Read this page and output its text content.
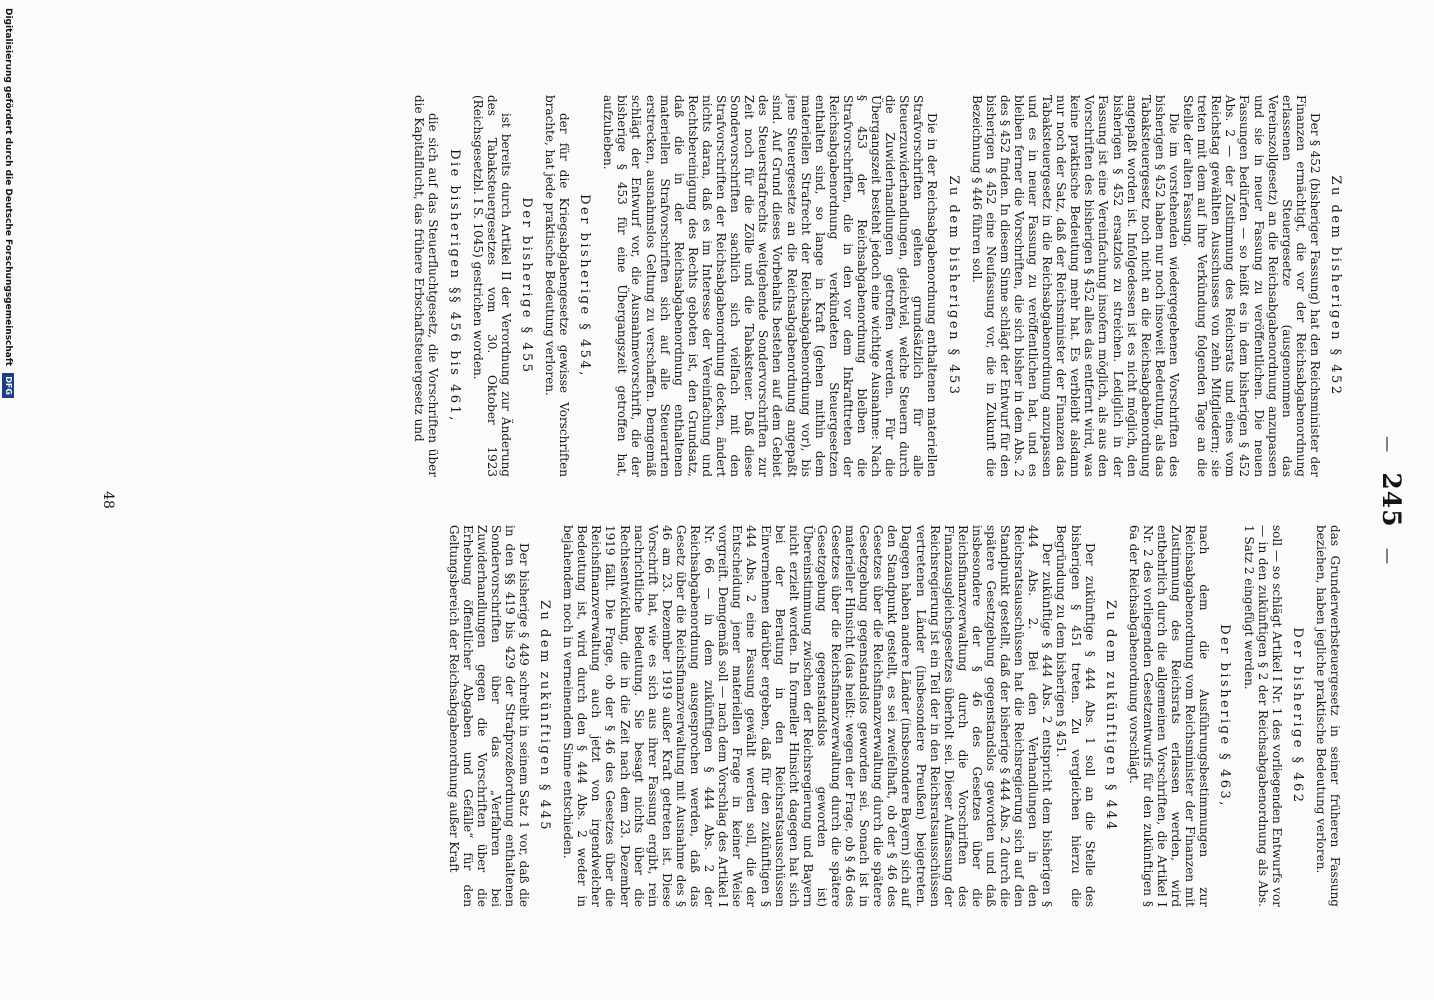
—    245    —
Zu dem bisherigen § 452

Der § 452 (bisheriger Fassung) hat den Reichsminister der Finanzen ermächtigt, die vor der Reichsabgabenordnung erlassenen Steuergesetze (ausgenommen das Vereinszollgesetz) an die Reichsabgabenordnung anzupassen und sie in neuer Fassung zu veröffentlichen. Die neuen Fassungen bedürfen — so heißt es in dem bisherigen § 452 Abs. 2 — der Zustimmung des Reichsrats und eines vom Reichstag gewählten Ausschusses von zehn Mitgliedern; sie treten mit dem auf ihre Verkündung folgenden Tage an die Stelle der alten Fassung.

Die im vorstehenden wiedergegebenen Vorschriften des bisherigen § 452 haben nur noch insoweit Bedeutung, als das Tabaksteuergesetz noch nicht an die Reichsabgabenordnung angepaßt worden ist. Infolgedessen ist es nicht möglich, den bisherigen § 452 ersatzlos zu streichen. Lediglich in der Fassung ist eine Vereinfachung insofern möglich, als aus den Vorschriften des bisherigen § 452 alles das entfernt wird, was keine praktische Bedeutung mehr hat. Es verbleibt alsdann nur noch der Satz, daß der Reichsminister der Finanzen das Tabaksteuergesetz in die Reichsabgabenordnung anzupassen und es in neuer Fassung zu veröffentlichen hat, und es bleiben ferner die Vorschriften, die sich bisher in dem Abs. 2 des § 452 finden. In diesem Sinne schlägt der Entwurf für den bisherigen § 452 eine Neufassung vor, die in Zukunft die Bezeichnung § 446 führen soll.

Zu dem bisherigen § 453

Die in der Reichsabgabenordnung enthaltenen materiellen Strafvorschriften gelten grundsätzlich für alle Steuerzuwiderhandlungen, gleichviel, welche Steuern durch die Zuwiderhandlungen getroffen werden. Für die Übergangszeit besteht jedoch eine wichtige Ausnahme: Nach § 453 der Reichsabgabenordnung bleiben die Strafvorschriften, die in den vor dem Inkrafttreten der Reichsabgabenordnung verkündeten Steuergesetzen enthalten sind, so lange in Kraft (gehen mithin dem materiellen Strafrecht der Reichsabgabenordnung vor), bis jene Steuergesetze an die Reichsabgabenordnung angepaßt sind. Auf Grund dieses Vorbehalts bestehen auf dem Gebiet des Steuerstrafrechts weitgehende Sondervorschriften zur Zeit noch für die Zölle und die Tabaksteuer. Daß diese Sondervorschriften sachlich sich vielfach mit den Strafvorschriften der Reichsabgabenordnung decken, ändert nichts daran, daß es im Interesse der Vereinfachung und Rechtsbereinigung des Rechts geboten ist, den Grundsatz, daß die in der Reichsabgabenordnung enthaltenen materiellen Strafvorschriften sich auf alle Steuerarten erstrecken, ausnahmslos Geltung zu verschaffen. Demgemäß schlägt der Entwurf vor, die Ausnahmevorschrift, die der bisherige § 453 für eine Übergangszeit getroffen hat, aufzuheben.

Der bisherige § 454,

der für die Kriegsabgabengesetze gewisse Vorschriften brachte, hat jede praktische Bedeutung verloren.

Der bisherige § 455

ist bereits durch Artikel II der Verordnung zur Änderung des Tabaksteuergesetzes vom 30. Oktober 1923 (Reichsgesetzbl. I S. 1045) gestrichen worden.

Die bisherigen §§ 456 bis 461,

die sich auf das Steuerfluchtgesetz, die Vorschriften über die Kapitalflucht, das frühere Erbschaftsteuergesetz und

das Grunderwerbsteuergesetz in seiner früheren Fassung beziehen, haben jegliche praktische Bedeutung verloren.

Der bisherige § 462

soll — so schlägt Artikel I Nr. 1 des vorliegenden Entwurfs vor — in den zukünftigen § 2 der Reichsabgabenordnung als Abs. 1 Satz 2 eingefügt werden.

Der bisherige § 463,

nach dem die Ausführungsbestimmungen zur Reichsabgabenordnung vom Reichsminister der Finanzen mit Zustimmung des Reichsrats erlassen werden, wird entbehrlich durch die allgemeinen Vorschriften, die Artikel I Nr. 2 des vorliegenden Gesetzentwurfs für den zukünftigen § 6a der Reichsabgabenordnung vorschlägt.

Zu dem zukünftigen § 444

Der zukünftige § 444 Abs. 1 soll an die Stelle des bisherigen § 451 treten. Zu vergleichen hierzu die Begründung zu dem bisherigen § 451.

Der zukünftige § 444 Abs. 2 entspricht dem bisherigen § 444 Abs. 2. Bei den Verhandlungen in den Reichsratsausschüssen hat die Reichsregierung sich auf den Standpunkt gestellt, daß der bisherige § 444 Abs. 2 durch die spätere Gesetzgebung gegenstandslos geworden und daß insbesondere der § 46 des Gesetzes über die Reichsfinanzverwaltung durch die Vorschriften des Finanzausgleichsgesetzes überholt sei. Dieser Auffassung der Reichsregierung ist ein Teil der in den Reichsratsausschüssen vertretenen Länder (insbesondere Preußen) beigetreten. Dagegen haben andere Länder (insbesondere Bayern) sich auf den Standpunkt gestellt, es sei zweifelhaft, ob der § 46 des Gesetzes über die Reichsfinanzverwaltung durch die spätere Gesetzgebung gegenstandslos geworden sei. Sonach ist in materieller Hinsicht (das heißt: wegen der Frage, ob § 46 des Gesetzes über die Reichsfinanzverwaltung durch die spätere Gesetzgebung gegenstandslos geworden ist) Übereinstimmung zwischen der Reichsregierung und Bayern nicht erzielt worden. In formeller Hinsicht dagegen hat sich bei der Beratung in den Reichsratsausschüssen Einvernehmen darüber ergeben, daß für den zukünftigen § 444 Abs. 2 eine Fassung gewählt werden soll, die der Entscheidung jener materiellen Frage in keiner Weise vorgreift. Demgemäß soll — nach dem Vorschlag des Artikel I Nr. 66 — in dem zukünftigen § 444 Abs. 2 der Reichsabgabenordnung ausgesprochen werden, daß das Gesetz über die Reichsfinanzverwaltung mit Ausnahme des § 46 am 23. Dezember 1919 außer Kraft getreten ist. Diese Vorschrift hat, wie es sich aus ihrer Fassung ergibt, rein nachrichtliche Bedeutung. Sie besagt nichts über die Rechtsentwicklung, die in die Zeit nach dem 23. Dezember 1919 fällt. Die Frage, ob der § 46 des Gesetzes über die Reichsfinanzverwaltung auch jetzt von irgendwelcher Bedeutung ist, wird durch den § 444 Abs. 2 weder in bejahendem noch in verneinendem Sinne entschieden.

Zu dem zukünftigen § 445

Der bisherige § 449 schreibt in seinem Satz 1 vor, daß die in den §§ 419 bis 429 der Strafprozeßordnung enthaltenen Sondervorschriften über das „Verfahren bei Zuwiderhandlungen gegen die Vorschriften über die Erhebung öffentlicher Abgaben und Gefälle“ für den Geltungsbereich der Reichsabgabenordnung außer Kraft

48
Digitalisierung gefördert durch die Deutsche Forschungsgemeinschaft DFG
